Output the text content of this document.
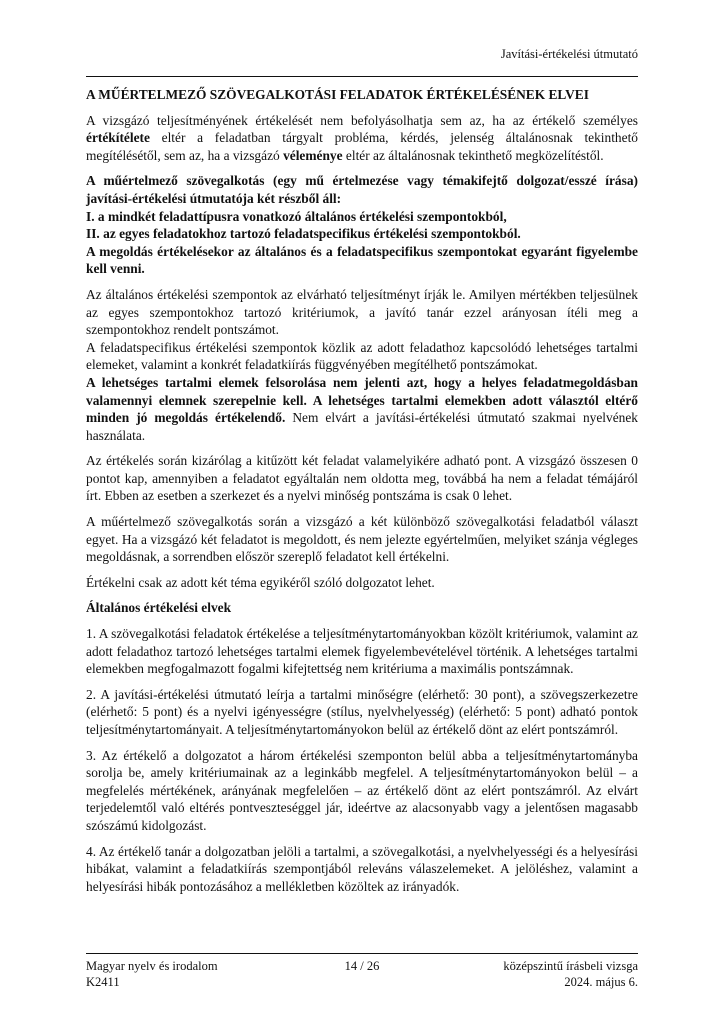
Javítási-értékelési útmutató

A MŰÉRTELMEZŐ SZÖVEGALKOTÁSI FELADATOK ÉRTÉKELÉSÉNEK ELVEI

A vizsgázó teljesítményének értékelését nem befolyásolhatja sem az, ha az értékelő személyes értékítélete eltér a feladatban tárgyalt probléma, kérdés, jelenség általánosnak tekinthető megítélésétől, sem az, ha a vizsgázó véleménye eltér az általánosnak tekinthető megközelítéstől.

A műértelmező szövegalkotás (egy mű értelmezése vagy témakifejtő dolgozat/esszé írása) javítási-értékelési útmutatója két részből áll:

I. a mindkét feladattípusra vonatkozó általános értékelési szempontokból,

II. az egyes feladatokhoz tartozó feladatspecifikus értékelési szempontokból.

A megoldás értékelésekor az általános és a feladatspecifikus szempontokat egyaránt figyelembe kell venni.

Az általános értékelési szempontok az elvárható teljesítményt írják le. Amilyen mértékben teljesülnek az egyes szempontokhoz tartozó kritériumok, a javító tanár ezzel arányosan ítéli meg a szempontokhoz rendelt pontszámot.

A feladatspecifikus értékelési szempontok közlik az adott feladathoz kapcsolódó lehetséges tartalmi elemeket, valamint a konkrét feladatkiírás függvényében megítélhető pontszámokat.

A lehetséges tartalmi elemek felsorolása nem jelenti azt, hogy a helyes feladatmegoldásban valamennyi elemnek szerepelnie kell. A lehetséges tartalmi elemekben adott választól eltérő minden jó megoldás értékelendő. Nem elvárt a javítási-értékelési útmutató szakmai nyelvének használata.

Az értékelés során kizárólag a kitűzött két feladat valamelyikére adható pont. A vizsgázó összesen 0 pontot kap, amennyiben a feladatot egyáltalán nem oldotta meg, továbbá ha nem a feladat témájáról írt. Ebben az esetben a szerkezet és a nyelvi minőség pontszáma is csak 0 lehet.

A műértelmező szövegalkotás során a vizsgázó a két különböző szövegalkotási feladatból választ egyet. Ha a vizsgázó két feladatot is megoldott, és nem jelezte egyértelműen, melyiket szánja végleges megoldásnak, a sorrendben először szereplő feladatot kell értékelni.

Értékelni csak az adott két téma egyikéről szóló dolgozatot lehet.

Általános értékelési elvek

1. A szövegalkotási feladatok értékelése a teljesítménytartományokban közölt kritériumok, valamint az adott feladathoz tartozó lehetséges tartalmi elemek figyelembevételével történik. A lehetséges tartalmi elemekben megfogalmazott fogalmi kifejtettség nem kritériuma a maximális pontszámnak.

2. A javítási-értékelési útmutató leírja a tartalmi minőségre (elérhető: 30 pont), a szövegszerkezetre (elérhető: 5 pont) és a nyelvi igényességre (stílus, nyelvhelyesség) (elérhető: 5 pont) adható pontok teljesítménytartományait. A teljesítménytartományokon belül az értékelő dönt az elért pontszámról.

3. Az értékelő a dolgozatot a három értékelési szemponton belül abba a teljesítménytartományba sorolja be, amely kritériumainak az a leginkább megfelel. A teljesítménytartományokon belül – a megfelelés mértékének, arányának megfelelően – az értékelő dönt az elért pontszámról. Az elvárt terjedelemtől való eltérés pontveszteséggel jár, ideértve az alacsonyabb vagy a jelentősen magasabb szószámú kidolgozást.

4. Az értékelő tanár a dolgozatban jelöli a tartalmi, a szövegalkotási, a nyelvhelyességi és a helyesírási hibákat, valamint a feladatkiírás szempontjából releváns válaszelemeket. A jelöléshez, valamint a helyesírási hibák pontozásához a mellékletben közöltek az irányadók.

Magyar nyelv és irodalom	14 / 26	középszintű írásbeli vizsga
K2411	2024. május 6.
